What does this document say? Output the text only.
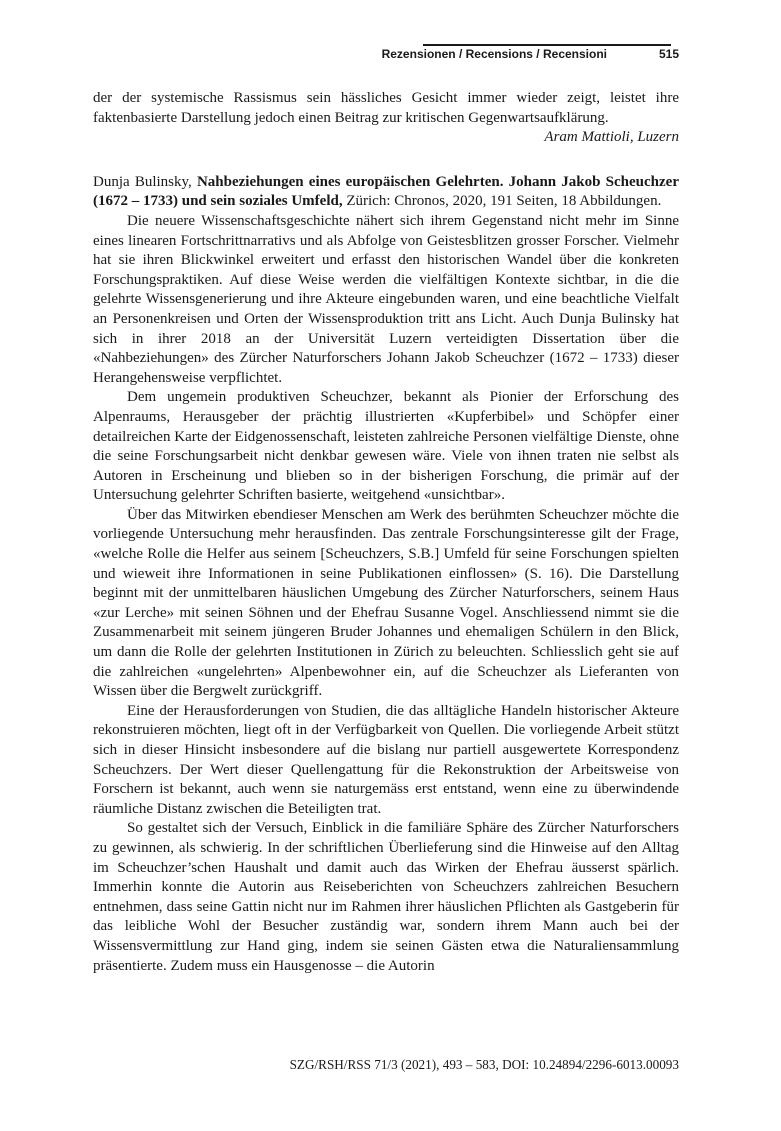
Rezensionen / Recensions / Recensioni	515

der der systemische Rassismus sein hässliches Gesicht immer wieder zeigt, leistet ihre faktenbasierte Darstellung jedoch einen Beitrag zur kritischen Gegenwartsaufklärung.

Aram Mattioli, Luzern

Dunja Bulinsky, Nahbeziehungen eines europäischen Gelehrten. Johann Jakob Scheuchzer (1672 – 1733) und sein soziales Umfeld, Zürich: Chronos, 2020, 191 Seiten, 18 Abbildungen.

Die neuere Wissenschaftsgeschichte nähert sich ihrem Gegenstand nicht mehr im Sinne eines linearen Fortschrittnarrativs und als Abfolge von Geistesblitzen grosser Forscher. Vielmehr hat sie ihren Blickwinkel erweitert und erfasst den historischen Wandel über die konkreten Forschungspraktiken. Auf diese Weise werden die vielfältigen Kontexte sichtbar, in die die gelehrte Wissensgenerierung und ihre Akteure eingebunden waren, und eine beachtliche Vielfalt an Personenkreisen und Orten der Wissensproduktion tritt ans Licht. Auch Dunja Bulinsky hat sich in ihrer 2018 an der Universität Luzern verteidigten Dissertation über die «Nahbeziehungen» des Zürcher Naturforschers Johann Jakob Scheuchzer (1672 – 1733) dieser Herangehensweise verpflichtet.

Dem ungemein produktiven Scheuchzer, bekannt als Pionier der Erforschung des Alpenraums, Herausgeber der prächtig illustrierten «Kupferbibel» und Schöpfer einer detailreichen Karte der Eidgenossenschaft, leisteten zahlreiche Personen vielfältige Dienste, ohne die seine Forschungsarbeit nicht denkbar gewesen wäre. Viele von ihnen traten nie selbst als Autoren in Erscheinung und blieben so in der bisherigen Forschung, die primär auf der Untersuchung gelehrter Schriften basierte, weitgehend «unsichtbar».

Über das Mitwirken ebendieser Menschen am Werk des berühmten Scheuchzer möchte die vorliegende Untersuchung mehr herausfinden. Das zentrale Forschungsinteresse gilt der Frage, «welche Rolle die Helfer aus seinem [Scheuchzers, S.B.] Umfeld für seine Forschungen spielten und wieweit ihre Informationen in seine Publikationen einflossen» (S. 16). Die Darstellung beginnt mit der unmittelbaren häuslichen Umgebung des Zürcher Naturforschers, seinem Haus «zur Lerche» mit seinen Söhnen und der Ehefrau Susanne Vogel. Anschliessend nimmt sie die Zusammenarbeit mit seinem jüngeren Bruder Johannes und ehemaligen Schülern in den Blick, um dann die Rolle der gelehrten Institutionen in Zürich zu beleuchten. Schliesslich geht sie auf die zahlreichen «ungelehrten» Alpenbewohner ein, auf die Scheuchzer als Lieferanten von Wissen über die Bergwelt zurückgriff.

Eine der Herausforderungen von Studien, die das alltägliche Handeln historischer Akteure rekonstruieren möchten, liegt oft in der Verfügbarkeit von Quellen. Die vorliegende Arbeit stützt sich in dieser Hinsicht insbesondere auf die bislang nur partiell ausgewertete Korrespondenz Scheuchzers. Der Wert dieser Quellengattung für die Rekonstruktion der Arbeitsweise von Forschern ist bekannt, auch wenn sie naturgemäss erst entstand, wenn eine zu überwindende räumliche Distanz zwischen die Beteiligten trat.

So gestaltet sich der Versuch, Einblick in die familiäre Sphäre des Zürcher Naturforschers zu gewinnen, als schwierig. In der schriftlichen Überlieferung sind die Hinweise auf den Alltag im Scheuchzer’schen Haushalt und damit auch das Wirken der Ehefrau äusserst spärlich. Immerhin konnte die Autorin aus Reiseberichten von Scheuchzers zahlreichen Besuchern entnehmen, dass seine Gattin nicht nur im Rahmen ihrer häuslichen Pflichten als Gastgeberin für das leibliche Wohl der Besucher zuständig war, sondern ihrem Mann auch bei der Wissensvermittlung zur Hand ging, indem sie seinen Gästen etwa die Naturaliensammlung präsentierte. Zudem muss ein Hausgenosse – die Autorin

SZG/RSH/RSS 71/3 (2021), 493 – 583, DOI: 10.24894/2296-6013.00093
